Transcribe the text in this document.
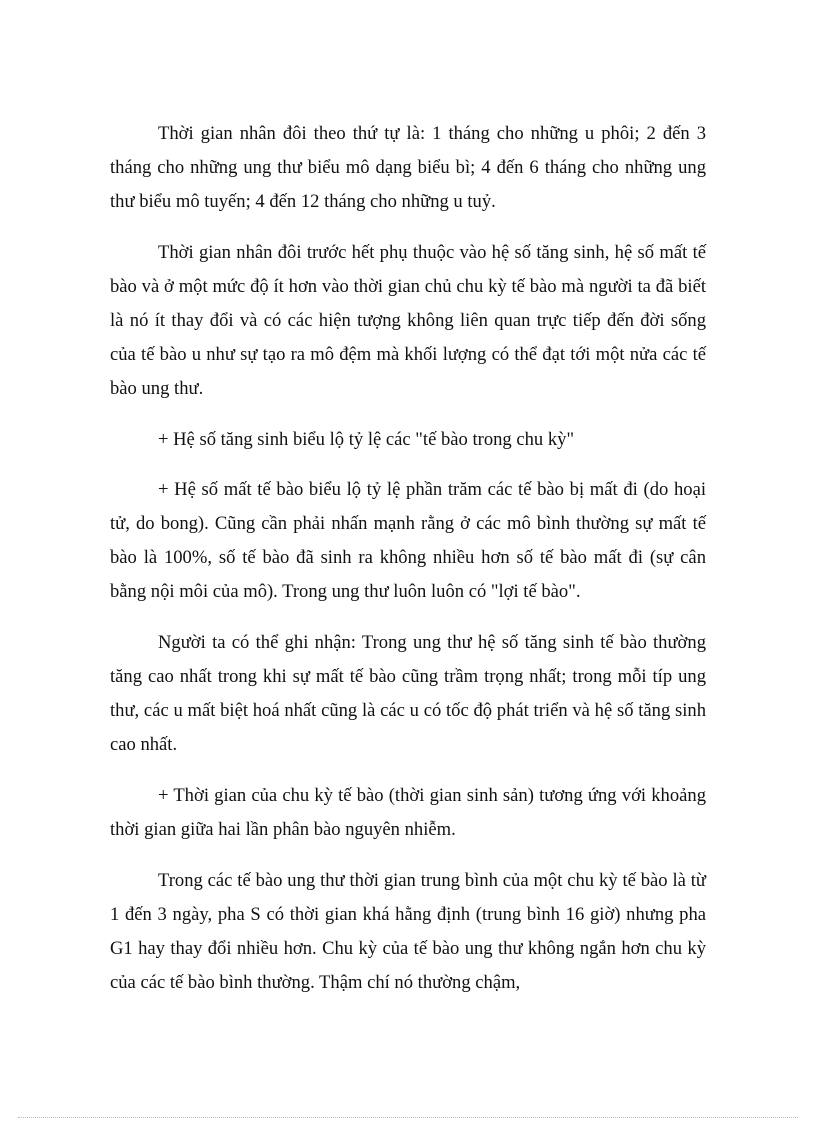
Thời gian nhân đôi theo thứ tự là: 1 tháng cho những u phôi; 2 đến 3 tháng cho những ung thư biểu mô dạng biểu bì; 4 đến 6 tháng cho những ung thư biểu mô tuyến; 4 đến 12 tháng cho những u tuỷ.

Thời gian nhân đôi trước hết phụ thuộc vào hệ số tăng sinh, hệ số mất tế bào và ở một mức độ ít hơn vào thời gian chủ chu kỳ tế bào mà người ta đã biết là nó ít thay đổi và có các hiện tượng không liên quan trực tiếp đến đời sống của tế bào u như sự tạo ra mô đệm mà khối lượng có thể đạt tới một nửa các tế bào ung thư.

+ Hệ số tăng sinh biểu lộ tỷ lệ các "tế bào trong chu kỳ"

+ Hệ số mất tế bào biểu lộ tỷ lệ phần trăm các tế bào bị mất đi (do hoại tử, do bong). Cũng cần phải nhấn mạnh rằng ở các mô bình thường sự mất tế bào là 100%, số tế bào đã sinh ra không nhiều hơn số tế bào mất đi (sự cân bằng nội môi của mô). Trong ung thư luôn luôn có "lợi tế bào".

Người ta có thể ghi nhận: Trong ung thư hệ số tăng sinh tế bào thường tăng cao nhất trong khi sự mất tế bào cũng trầm trọng nhất; trong mỗi típ ung thư, các u mất biệt hoá nhất cũng là các u có tốc độ phát triển và hệ số tăng sinh cao nhất.

+ Thời gian của chu kỳ tế bào (thời gian sinh sản) tương ứng với khoảng thời gian giữa hai lần phân bào nguyên nhiễm.

Trong các tế bào ung thư thời gian trung bình của một chu kỳ tế bào là từ 1 đến 3 ngày, pha S có thời gian khá hằng định (trung bình 16 giờ) nhưng pha G1 hay thay đổi nhiều hơn. Chu kỳ của tế bào ung thư không ngắn hơn chu kỳ của các tế bào bình thường. Thậm chí nó thường chậm,
